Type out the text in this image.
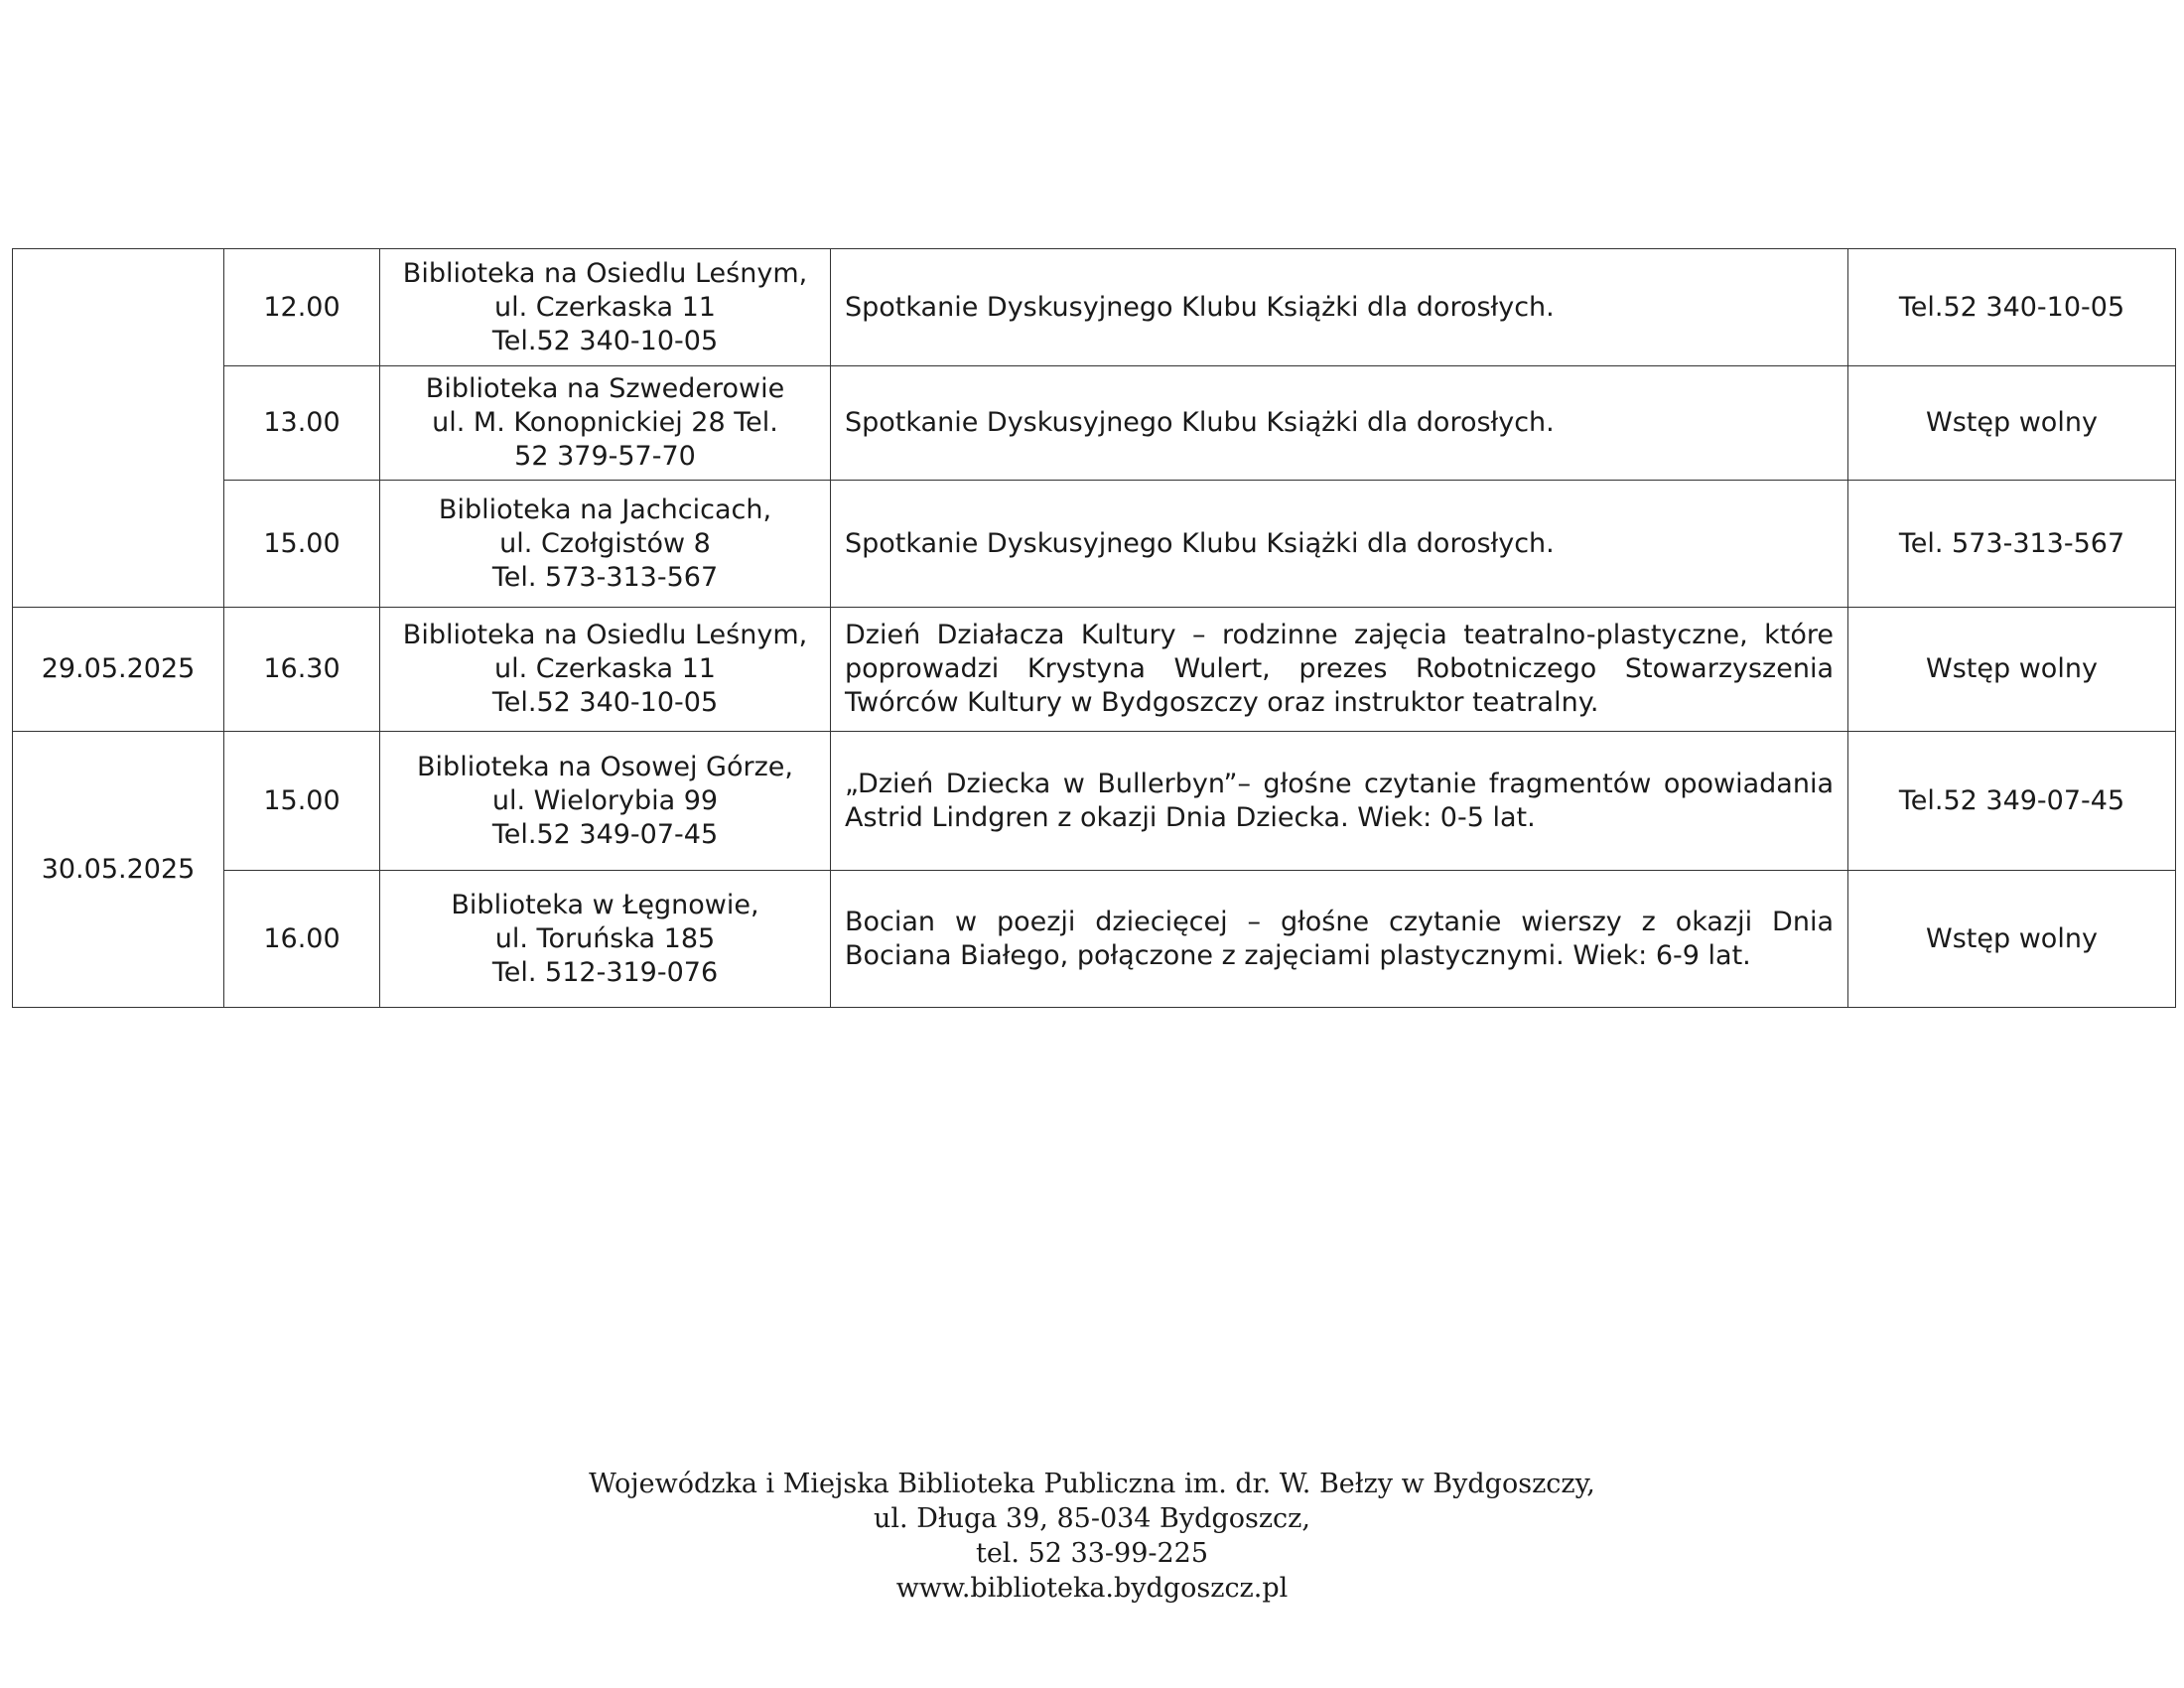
	12.00	Biblioteka na Osiedlu Leśnym,
ul. Czerkaska 11
Tel.52 340-10-05	Spotkanie Dyskusyjnego Klubu Książki dla dorosłych.	Tel.52 340-10-05
	13.00	Biblioteka na Szwederowie
ul. M. Konopnickiej 28 Tel.
52 379-57-70	Spotkanie Dyskusyjnego Klubu Książki dla dorosłych.	Wstęp wolny
	15.00	Biblioteka na Jachcicach,
ul. Czołgistów 8
Tel. 573-313-567	Spotkanie Dyskusyjnego Klubu Książki dla dorosłych.	Tel. 573-313-567
29.05.2025	16.30	Biblioteka na Osiedlu Leśnym,
ul. Czerkaska 11
Tel.52 340-10-05	Dzień Działacza Kultury – rodzinne zajęcia teatralno-plastyczne, które poprowadzi Krystyna Wulert, prezes Robotniczego Stowarzyszenia Twórców Kultury w Bydgoszczy oraz instruktor teatralny.	Wstęp wolny
30.05.2025	15.00	Biblioteka na Osowej Górze,
ul. Wielorybia 99
Tel.52 349-07-45	„Dzień Dziecka w Bullerbyn”– głośne czytanie fragmentów opowiadania Astrid Lindgren z okazji Dnia Dziecka. Wiek: 0-5 lat.	Tel.52 349-07-45
	16.00	Biblioteka w Łęgnowie,
ul. Toruńska 185
Tel. 512-319-076	Bocian w poezji dziecięcej – głośne czytanie wierszy z okazji Dnia Bociana Białego, połączone z zajęciami plastycznymi. Wiek: 6-9 lat.	Wstęp wolny
Wojewódzka i Miejska Biblioteka Publiczna im. dr. W. Bełzy w Bydgoszczy,
ul. Długa 39, 85-034 Bydgoszcz,
tel. 52 33-99-225
www.biblioteka.bydgoszcz.pl
